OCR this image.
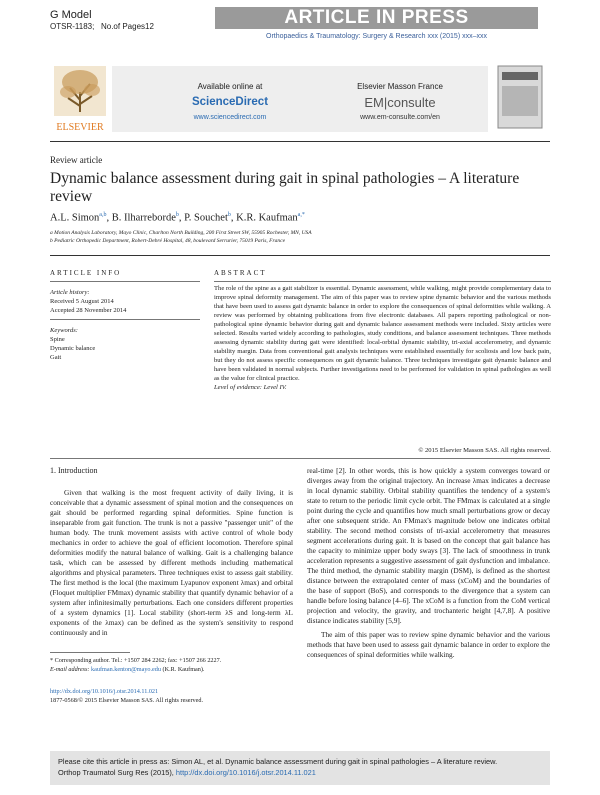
G Model
OTSR-1183; No.of Pages12	ARTICLE IN PRESS
Orthopaedics & Traumatology: Surgery & Research xxx (2015) xxx–xxx
ELSEVIER
Available online at
ScienceDirect
www.sciencedirect.com
Elsevier Masson France
EM|consulte
www.em-consulte.com/en
Review article
Dynamic balance assessment during gait in spinal pathologies – A literature review
A.L. Simon$^{a,b}$, B. Ilharreborde$^b$, P. Souchet$^b$, K.R. Kaufman$^{a,*}$
a Motion Analysis Laboratory, Mayo Clinic, Charlton North Building, 200 First Street SW, 55905 Rochester, MN, USA
b Pediatric Orthopedic Department, Robert-Debré Hospital, 48, boulevard Serrurier, 75019 Paris, France
ARTICLE INFO
Article history:
Received 5 August 2014
Accepted 28 November 2014
Keywords:
Spine
Dynamic balance
Gait
ABSTRACT
The role of the spine as a gait stabilizer is essential. Dynamic assessment, while walking, might provide complementary data to improve spinal deformity management. The aim of this paper was to review spine dynamic behavior and the various methods that have been used to assess gait dynamic balance in order to explore the consequences of spinal deformities while walking. A review was performed by obtaining publications from five electronic databases. All papers reporting pathological or non-pathological spine dynamic behavior during gait and dynamic balance assessment methods were included. Sixty articles were selected. Results varied widely according to pathologies, study conditions, and balance assessment techniques. Three methods assessing dynamic stability during gait were identified: local-orbital dynamic stability, tri-axial accelerometry, and dynamic stability margin. Data from conventional gait analysis techniques were established essentially for scoliosis and low back pain, but they do not assess specific consequences on gait dynamic balance. Three techniques investigate gait dynamic balance and have been validated in normal subjects. Further investigations need to be performed for validation in spinal pathologies as well as the value for clinical practice.
Level of evidence: Level IV.
© 2015 Elsevier Masson SAS. All rights reserved.
1. Introduction
Given that walking is the most frequent activity of daily living, it is conceivable that a dynamic assessment of spinal motion and the consequences on gait should be performed regarding spinal deformities. Spine function is inseparable from gait function. The trunk is not a passive "passenger unit" of the human body. The trunk movement assists with active control of whole body mechanics in order to achieve the goal of efficient locomotion. Therefore spinal deformities modify the natural balance of walking. Gait is a challenging balance task, which can be assessed by different methods including mathematical algorithms and physical parameters. Three techniques exist to assess gait stability. The first method is the local (the maximum Lyapunov exponent λmax) and orbital (Floquet multiplier FMmax) dynamic stability that quantify dynamic behavior of a system after infinitesimally perturbations. Each one considers different properties of a system dynamics [1]. Local stability (short-term λS and long-term λL exponents of the λmax) can be defined as the system's sensitivity to respond continuously and in
real-time [2]. In other words, this is how quickly a system converges toward or diverges away from the original trajectory. An increase λmax indicates a decrease in local dynamic stability. Orbital stability quantifies the tendency of a system's state to return to the periodic limit cycle orbit. The FMmax is calculated at a single point during the cycle and quantifies how much small perturbations grow or decay after one subsequent stride. An FMmax's magnitude below one indicates orbital stability. The second method consists of tri-axial accelerometry that measures segment accelerations during gait. It is based on the concept that gait balance has the capacity to minimize upper body sways [3]. The lack of smoothness in trunk acceleration represents a suggestive assessment of gait dysfunction and imbalance. The third method, the dynamic stability margin (DSM), is defined as the shortest distance between the extrapolated center of mass (xCoM) and the boundaries of the base of support (BoS), and corresponds to the divergence that a system can handle before losing balance [4–6]. The xCoM is a function from the CoM vertical projection and velocity, the gravity, and trochanteric height [4,7,8]. A positive distance indicates stability [5,9].
The aim of this paper was to review spine dynamic behavior and the various methods that have been used to assess gait dynamic balance in order to explore the consequences of spinal deformities while walking.
* Corresponding author. Tel.: +1507 284 2262; fax: +1507 266 2227.
E-mail address: kaufman.kenton@mayo.edu (K.R. Kaufman).
http://dx.doi.org/10.1016/j.otsr.2014.11.021
1877-0568/© 2015 Elsevier Masson SAS. All rights reserved.
Please cite this article in press as: Simon AL, et al. Dynamic balance assessment during gait in spinal pathologies – A literature review.
Orthop Traumatol Surg Res (2015), http://dx.doi.org/10.1016/j.otsr.2014.11.021
